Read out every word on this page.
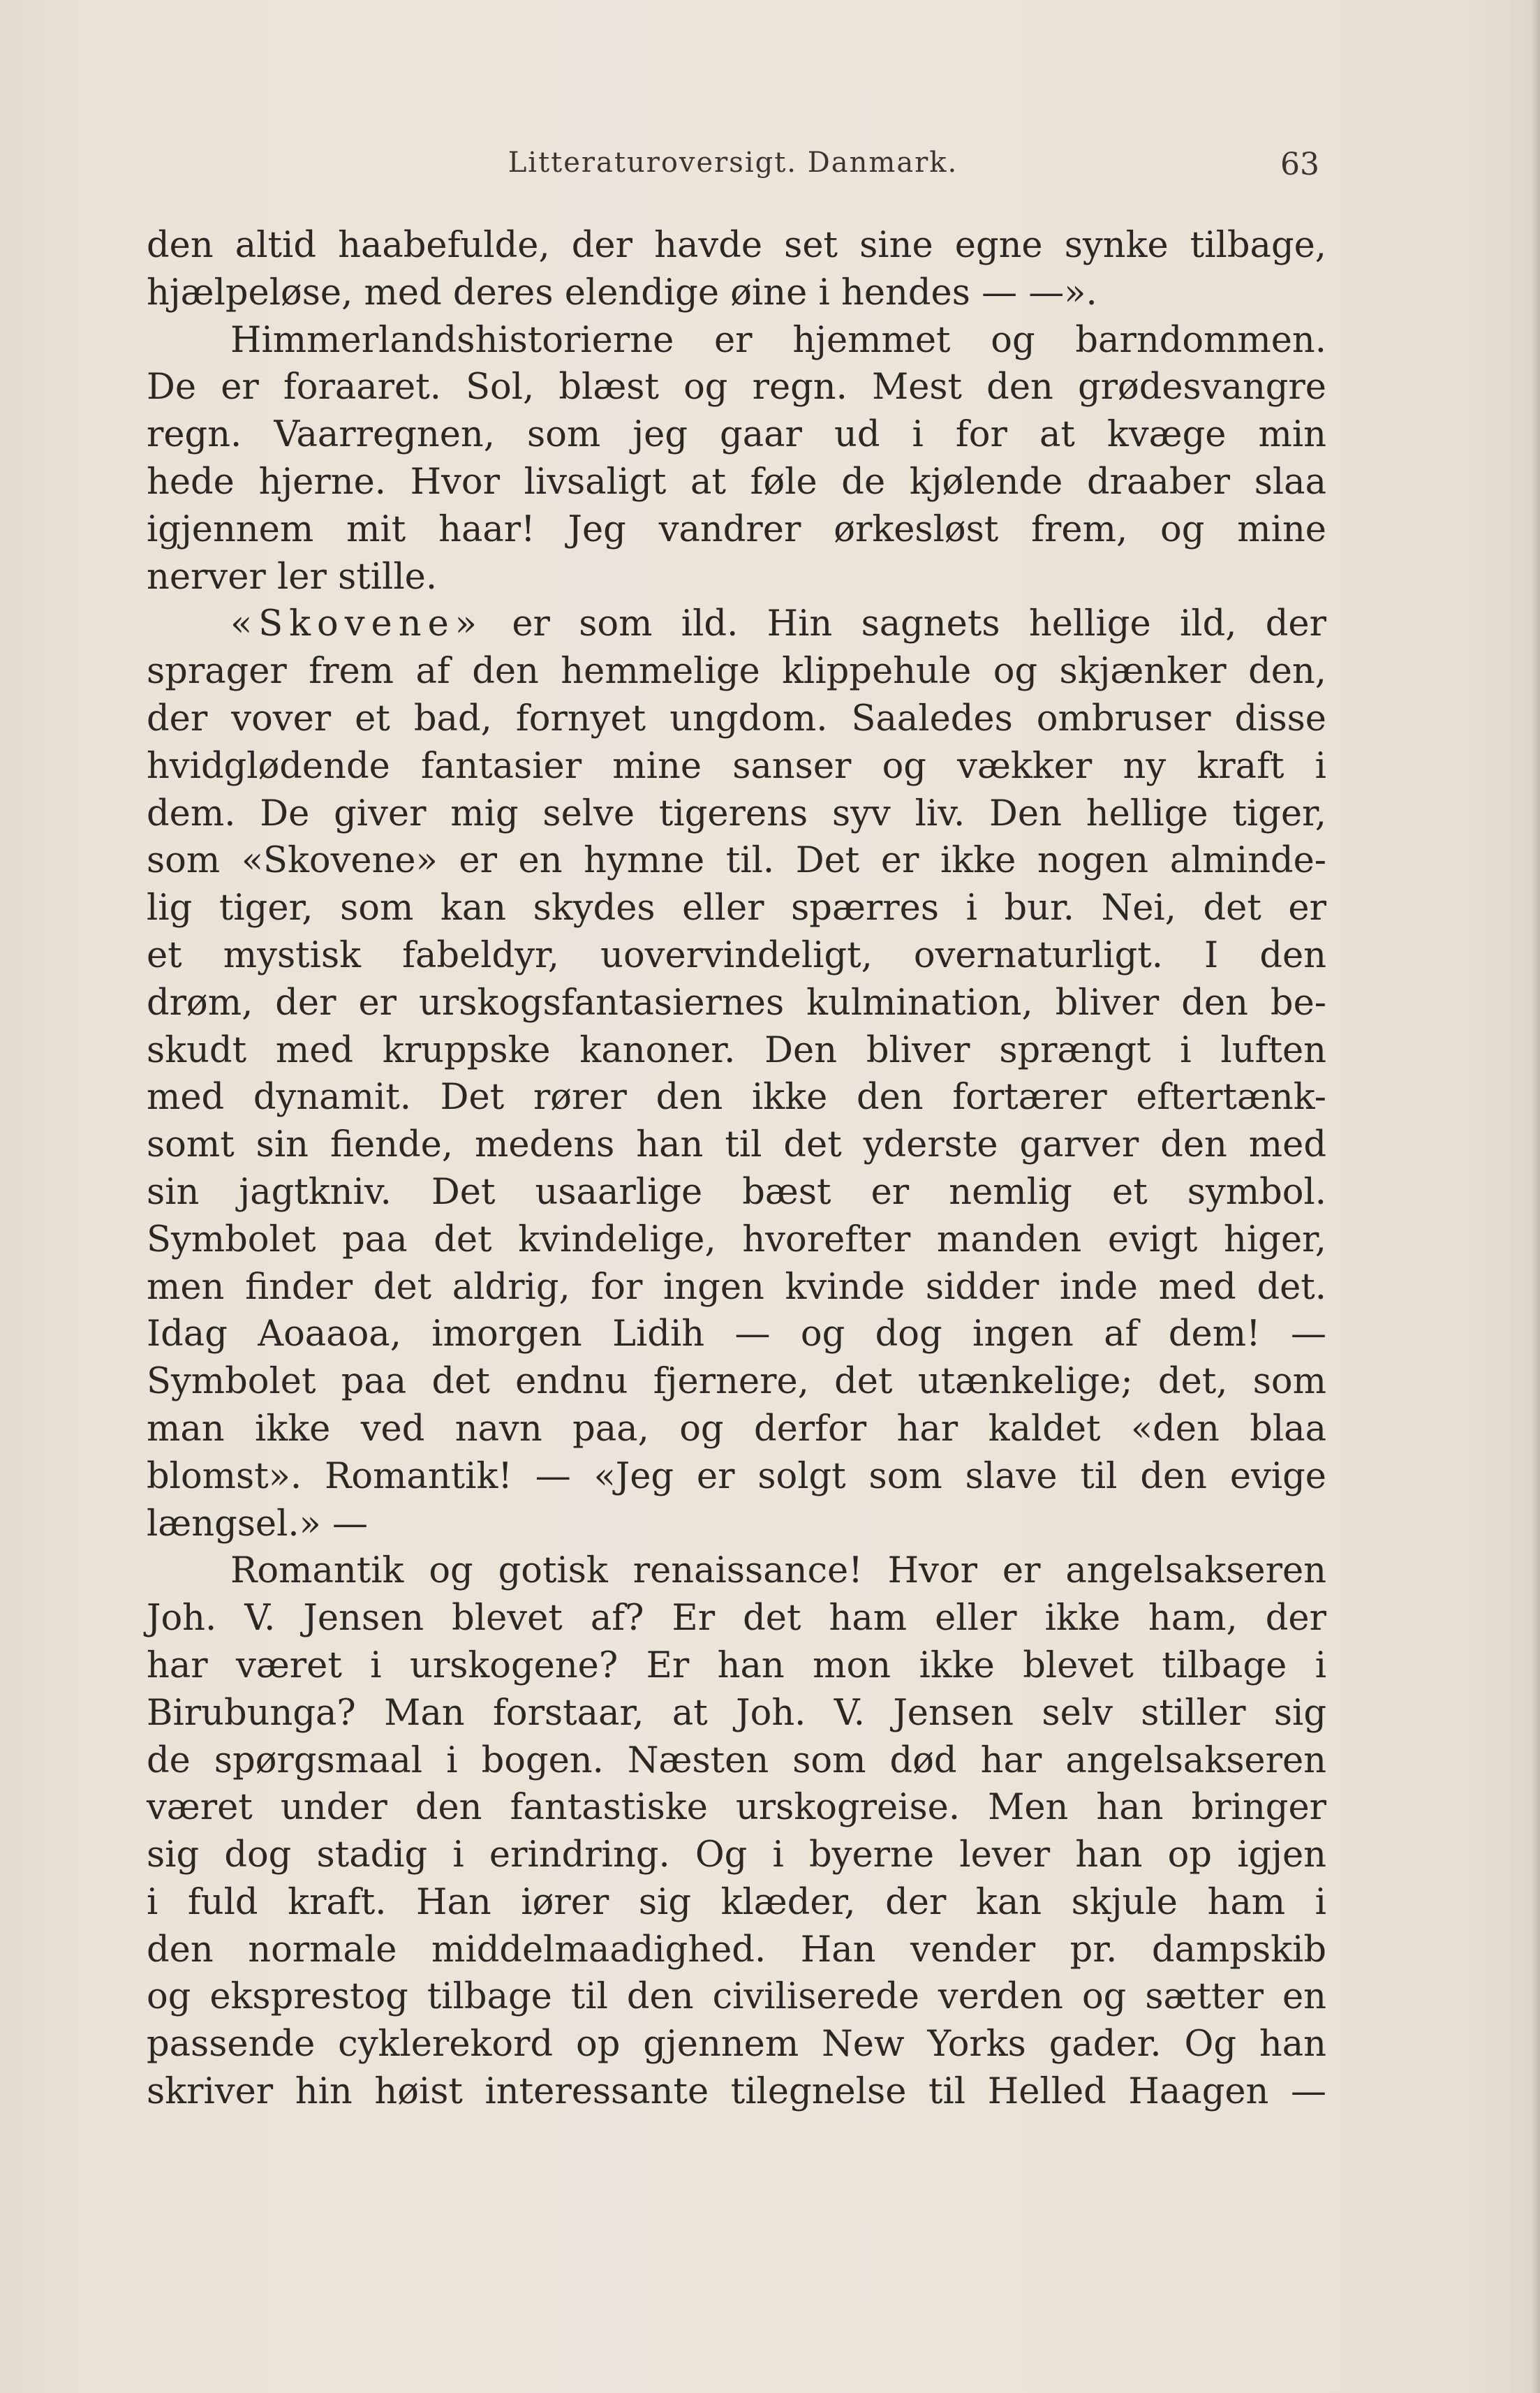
Litteraturoversigt. Danmark.	63
den altid haabefulde, der havde set sine egne synke tilbage,
hjælpeløse, med deres elendige øine i hendes — —».
Himmerlandshistorierne er hjemmet og barndommen.
De er foraaret. Sol, blæst og regn. Mest den grødesvangre
regn. Vaarregnen, som jeg gaar ud i for at kvæge min
hede hjerne. Hvor livsaligt at føle de kjølende draaber slaa
igjennem mit haar! Jeg vandrer ørkesløst frem, og mine
nerver ler stille.
«Skovene» er som ild. Hin sagnets hellige ild, der
sprager frem af den hemmelige klippehule og skjænker den,
der vover et bad, fornyet ungdom. Saaledes ombruser disse
hvidglødende fantasier mine sanser og vækker ny kraft i
dem. De giver mig selve tigerens syv liv. Den hellige tiger,
som «Skovene» er en hymne til. Det er ikke nogen alminde-
lig tiger, som kan skydes eller spærres i bur. Nei, det er
et mystisk fabeldyr, uovervindeligt, overnaturligt. I den
drøm, der er urskogsfantasiernes kulmination, bliver den be-
skudt med kruppske kanoner. Den bliver sprængt i luften
med dynamit. Det rører den ikke den fortærer eftertænk-
somt sin fiende, medens han til det yderste garver den med
sin jagtkniv. Det usaarlige bæst er nemlig et symbol.
Symbolet paa det kvindelige, hvorefter manden evigt higer,
men finder det aldrig, for ingen kvinde sidder inde med det.
Idag Aoaaoa, imorgen Lidih — og dog ingen af dem! —
Symbolet paa det endnu fjernere, det utænkelige; det, som
man ikke ved navn paa, og derfor har kaldet «den blaa
blomst». Romantik! — «Jeg er solgt som slave til den evige
længsel.» —
Romantik og gotisk renaissance! Hvor er angelsakseren
Joh. V. Jensen blevet af? Er det ham eller ikke ham, der
har været i urskogene? Er han mon ikke blevet tilbage i
Birubunga? Man forstaar, at Joh. V. Jensen selv stiller sig
de spørgsmaal i bogen. Næsten som død har angelsakseren
været under den fantastiske urskogreise. Men han bringer
sig dog stadig i erindring. Og i byerne lever han op igjen
i fuld kraft. Han iører sig klæder, der kan skjule ham i
den normale middelmaadighed. Han vender pr. dampskib
og eksprestog tilbage til den civiliserede verden og sætter en
passende cyklerekord op gjennem New Yorks gader. Og han
skriver hin høist interessante tilegnelse til Helled Haagen —
